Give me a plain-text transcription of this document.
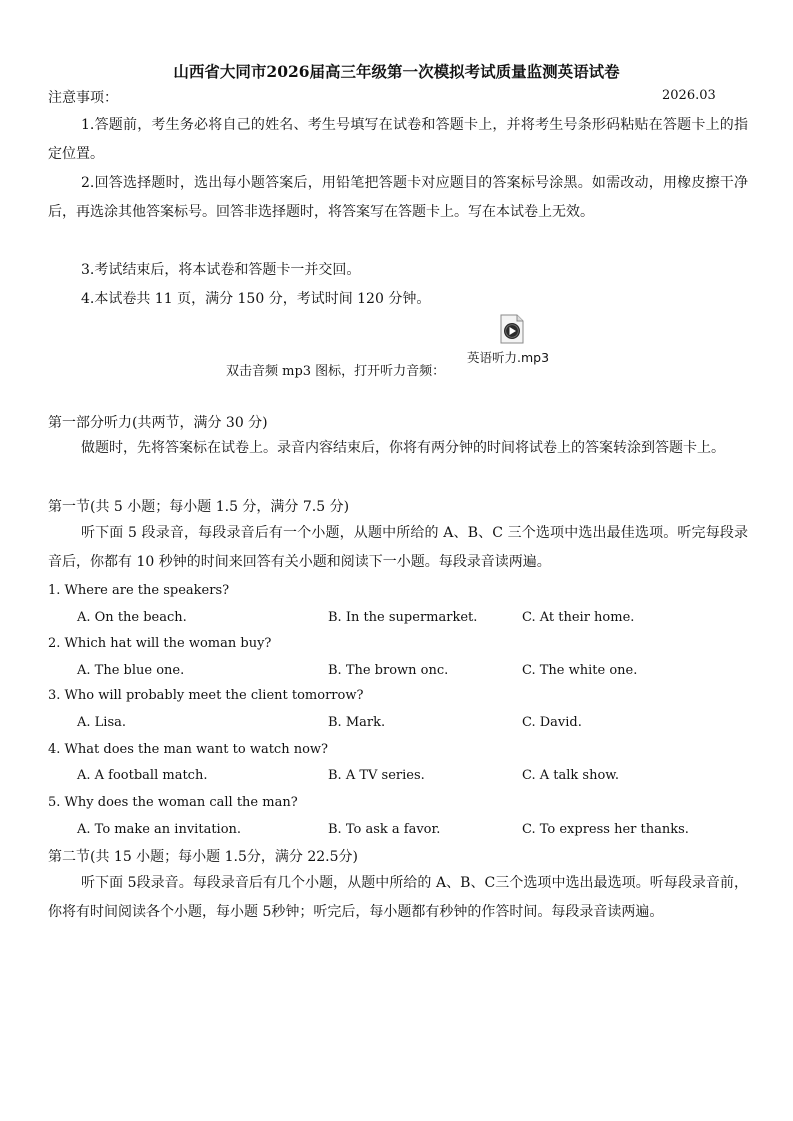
山西省大同市2026届高三年级第一次模拟考试质量监测英语试卷
注意事项：	2026.03
1.答题前，考生务必将自己的姓名、考生号填写在试卷和答题卡上，并将考生号条形码粘贴在答题卡上的指定位置。
2.回答选择题时，选出每小题答案后，用铅笔把答题卡对应题目的答案标号涂黑。如需改动，用橡皮擦干净后，再选涂其他答案标号。回答非选择题时，将答案写在答题卡上。写在本试卷上无效。
3.考试结束后，将本试卷和答题卡一并交回。
4.本试卷共 11 页，满分 150 分，考试时间 120 分钟。
双击音频 mp3 图标，打开听力音频：
英语听力.mp3
第一部分听力(共两节，满分 30 分)
做题时，先将答案标在试卷上。录音内容结束后，你将有两分钟的时间将试卷上的答案转涂到答题卡上。
第一节(共 5 小题；每小题 1.5 分，满分 7.5 分)
听下面 5 段录音，每段录音后有一个小题，从题中所给的 A、B、C 三个选项中选出最佳选项。听完每段录音后，你都有 10 秒钟的时间来回答有关小题和阅读下一小题。每段录音读两遍。
1. Where are the speakers?
A. On the beach.	B. In the supermarket.	C. At their home.
2. Which hat will the woman buy?
A. The blue one.	B. The brown onc.	C. The white one.
3. Who will probably meet the client tomorrow?
A. Lisa.	B. Mark.	C. David.
4. What does the man want to watch now?
A. A football match.	B. A TV series.	C. A talk show.
5. Why does the woman call the man?
A. To make an invitation.	B. To ask a favor.	C. To express her thanks.
第二节(共 15 小题；每小题 1.5分，满分 22.5分)
听下面 5段录音。每段录音后有几个小题，从题中所给的 A、B、C三个选项中选出最选项。听每段录音前，你将有时间阅读各个小题，每小题 5秒钟；听完后，每小题都有秒钟的作答时间。每段录音读两遍。
